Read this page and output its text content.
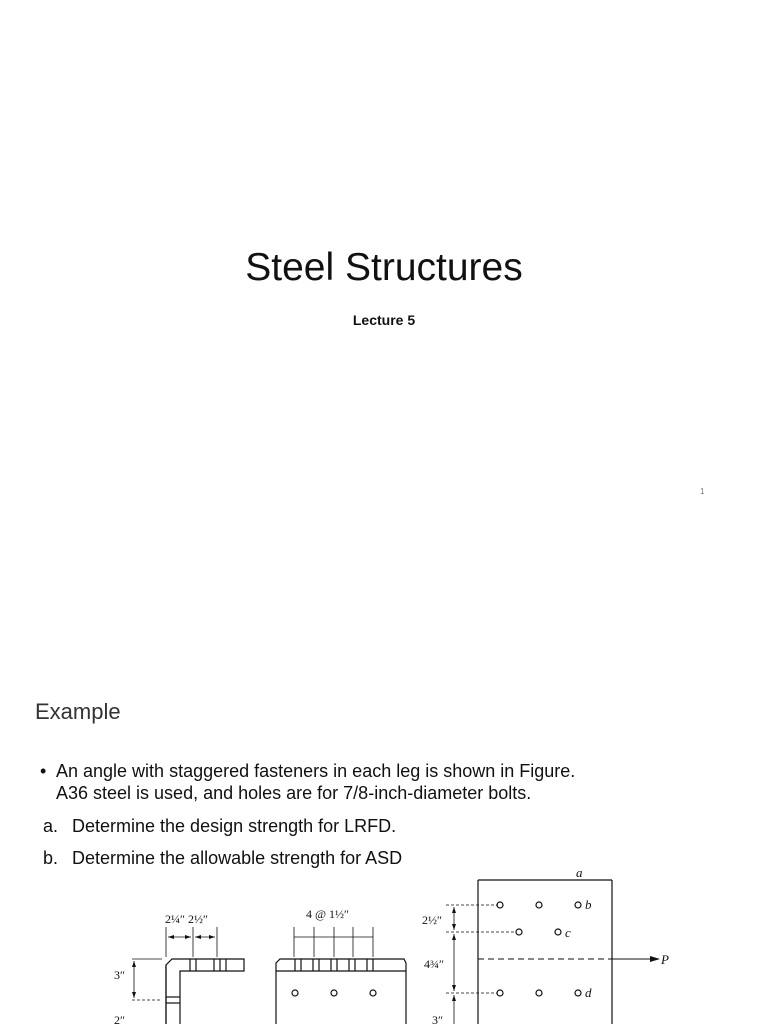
Steel Structures
Lecture 5
1
Example
• An angle with staggered fasteners in each leg is shown in Figure.
A36 steel is used, and holes are for 7/8-inch-diameter bolts.
a. Determine the design strength for LRFD.
b. Determine the allowable strength for ASD
2¼″ 2½″
3″
2″
4 @ 1½″	2½″
4¾″
3″
a
b
c
d
P
